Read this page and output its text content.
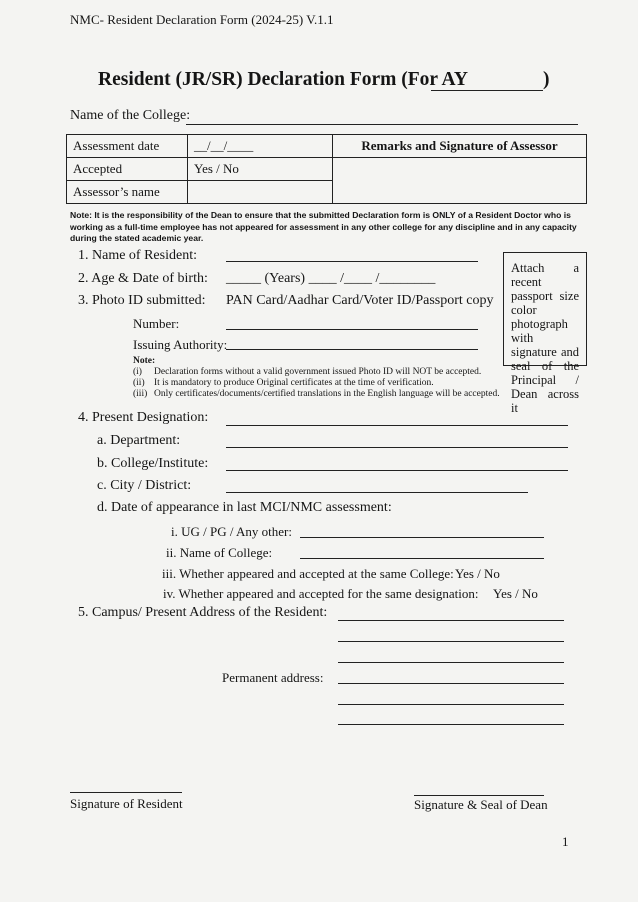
NMC- Resident Declaration Form (2024-25) V.1.1
Resident (JR/SR) Declaration Form (For AY	)
Name of the College:
Assessment date	__/__/____	Remarks and Signature of Assessor
Accepted	Yes / No	
Assessor’s name		
Note: It is the responsibility of the Dean to ensure that the submitted Declaration form is ONLY of a Resident Doctor who is working as a full-time employee has not appeared for assessment in any other college for any discipline and in any capacity during the stated academic year.
1. Name of Resident:
2. Age & Date of birth: _____ (Years) ____ /____ /________
3. Photo ID submitted: PAN Card/Aadhar Card/Voter ID/Passport copy
Number:
Issuing Authority:
Attach a recent passport size color photograph with signature and seal of the Principal / Dean across it
Note:
(i) Declaration forms without a valid government issued Photo ID will NOT be accepted.
(ii) It is mandatory to produce Original certificates at the time of verification.
(iii) Only certificates/documents/certified translations in the English language will be accepted.
4. Present Designation:
a. Department:
b. College/Institute:
c. City / District:
d. Date of appearance in last MCI/NMC assessment:
i. UG / PG / Any other:
ii. Name of College:
iii. Whether appeared and accepted at the same College: Yes / No
iv. Whether appeared and accepted for the same designation: Yes / No
5. Campus/ Present Address of the Resident:
Permanent address:
Signature of Resident	Signature & Seal of Dean
1
